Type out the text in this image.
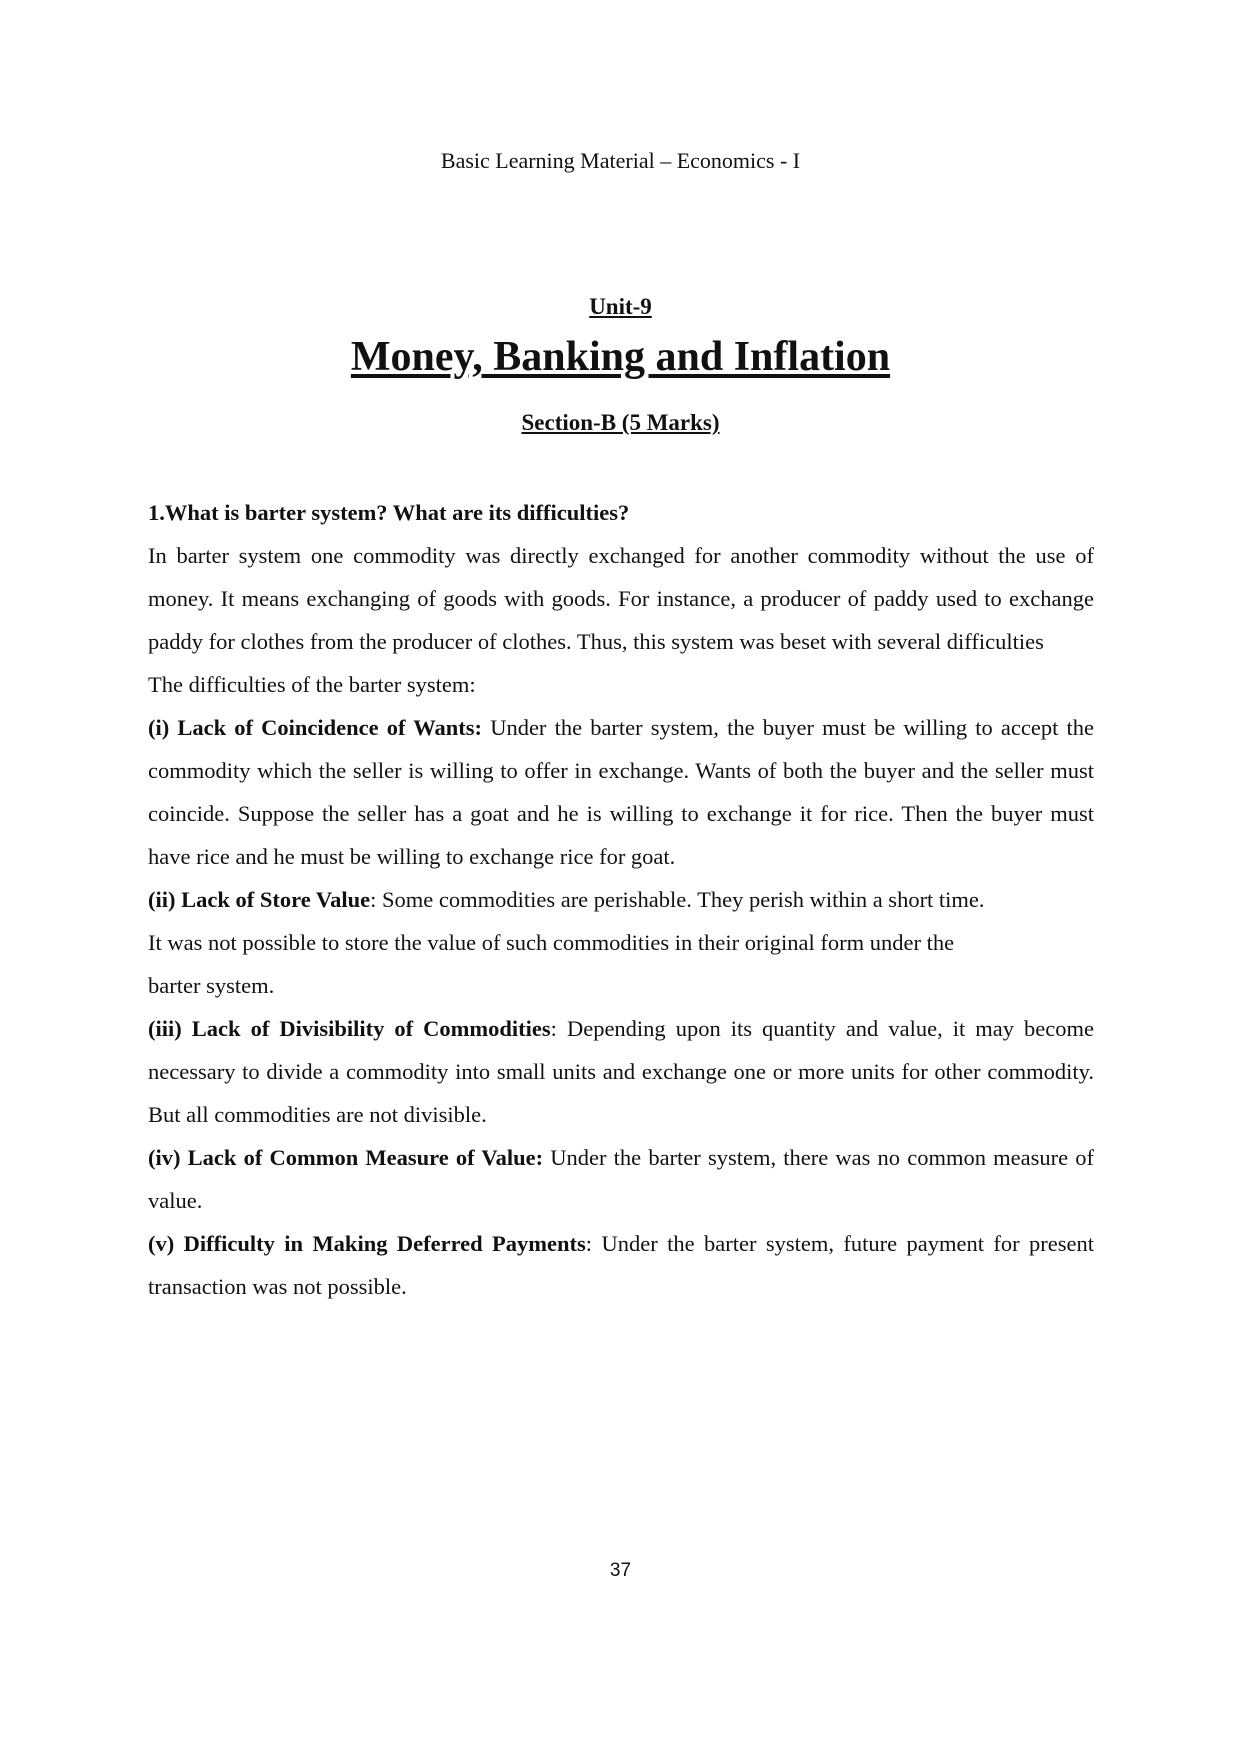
Basic Learning Material – Economics - I
Unit-9
Money, Banking and Inflation
Section-B (5 Marks)

1.What is barter system? What are its difficulties?

In barter system one commodity was directly exchanged for another commodity without the use of money. It means exchanging of goods with goods. For instance, a producer of paddy used to exchange paddy for clothes from the producer of clothes. Thus, this system was beset with several difficulties

The difficulties of the barter system:

(i) Lack of Coincidence of Wants: Under the barter system, the buyer must be willing to accept the commodity which the seller is willing to offer in exchange. Wants of both the buyer and the seller must coincide. Suppose the seller has a goat and he is willing to exchange it for rice. Then the buyer must have rice and he must be willing to exchange rice for goat.

(ii) Lack of Store Value: Some commodities are perishable. They perish within a short time.
It was not possible to store the value of such commodities in their original form under the
barter system.

(iii) Lack of Divisibility of Commodities: Depending upon its quantity and value, it may become necessary to divide a commodity into small units and exchange one or more units for other commodity. But all commodities are not divisible.

(iv) Lack of Common Measure of Value: Under the barter system, there was no common measure of value.

(v) Difficulty in Making Deferred Payments: Under the barter system, future payment for present transaction was not possible.

37
